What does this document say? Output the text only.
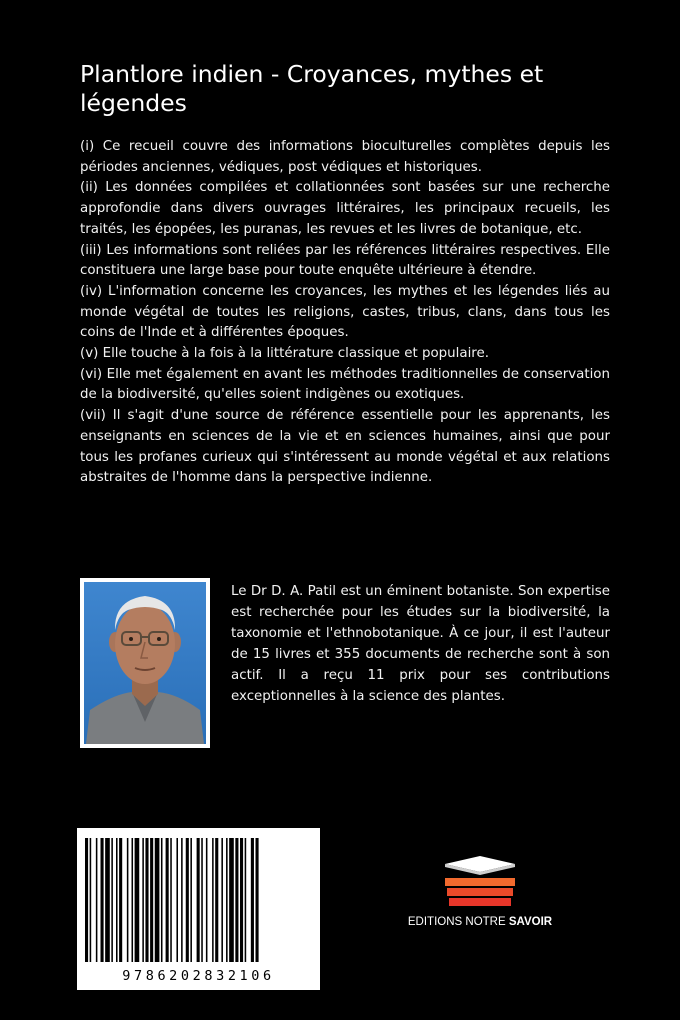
Plantlore indien - Croyances, mythes et légendes

(i) Ce recueil couvre des informations bioculturelles complètes depuis les périodes anciennes, védiques, post védiques et historiques.

(ii) Les données compilées et collationnées sont basées sur une recherche approfondie dans divers ouvrages littéraires, les principaux recueils, les traités, les épopées, les puranas, les revues et les livres de botanique, etc.

(iii) Les informations sont reliées par les références littéraires respectives. Elle constituera une large base pour toute enquête ultérieure à étendre.

(iv) L'information concerne les croyances, les mythes et les légendes liés au monde végétal de toutes les religions, castes, tribus, clans, dans tous les coins de l'Inde et à différentes époques.

(v) Elle touche à la fois à la littérature classique et populaire.

(vi) Elle met également en avant les méthodes traditionnelles de conservation de la biodiversité, qu'elles soient indigènes ou exotiques.

(vii) Il s'agit d'une source de référence essentielle pour les apprenants, les enseignants en sciences de la vie et en sciences humaines, ainsi que pour tous les profanes curieux qui s'intéressent au monde végétal et aux relations abstraites de l'homme dans la perspective indienne.

Le Dr D. A. Patil est un éminent botaniste. Son expertise est recherchée pour les études sur la biodiversité, la taxonomie et l'ethnobotanique. À ce jour, il est l'auteur de 15 livres et 355 documents de recherche sont à son actif. Il a reçu 11 prix pour ses contributions exceptionnelles à la science des plantes.

9786202832106
EDITIONS NOTRE SAVOIR
